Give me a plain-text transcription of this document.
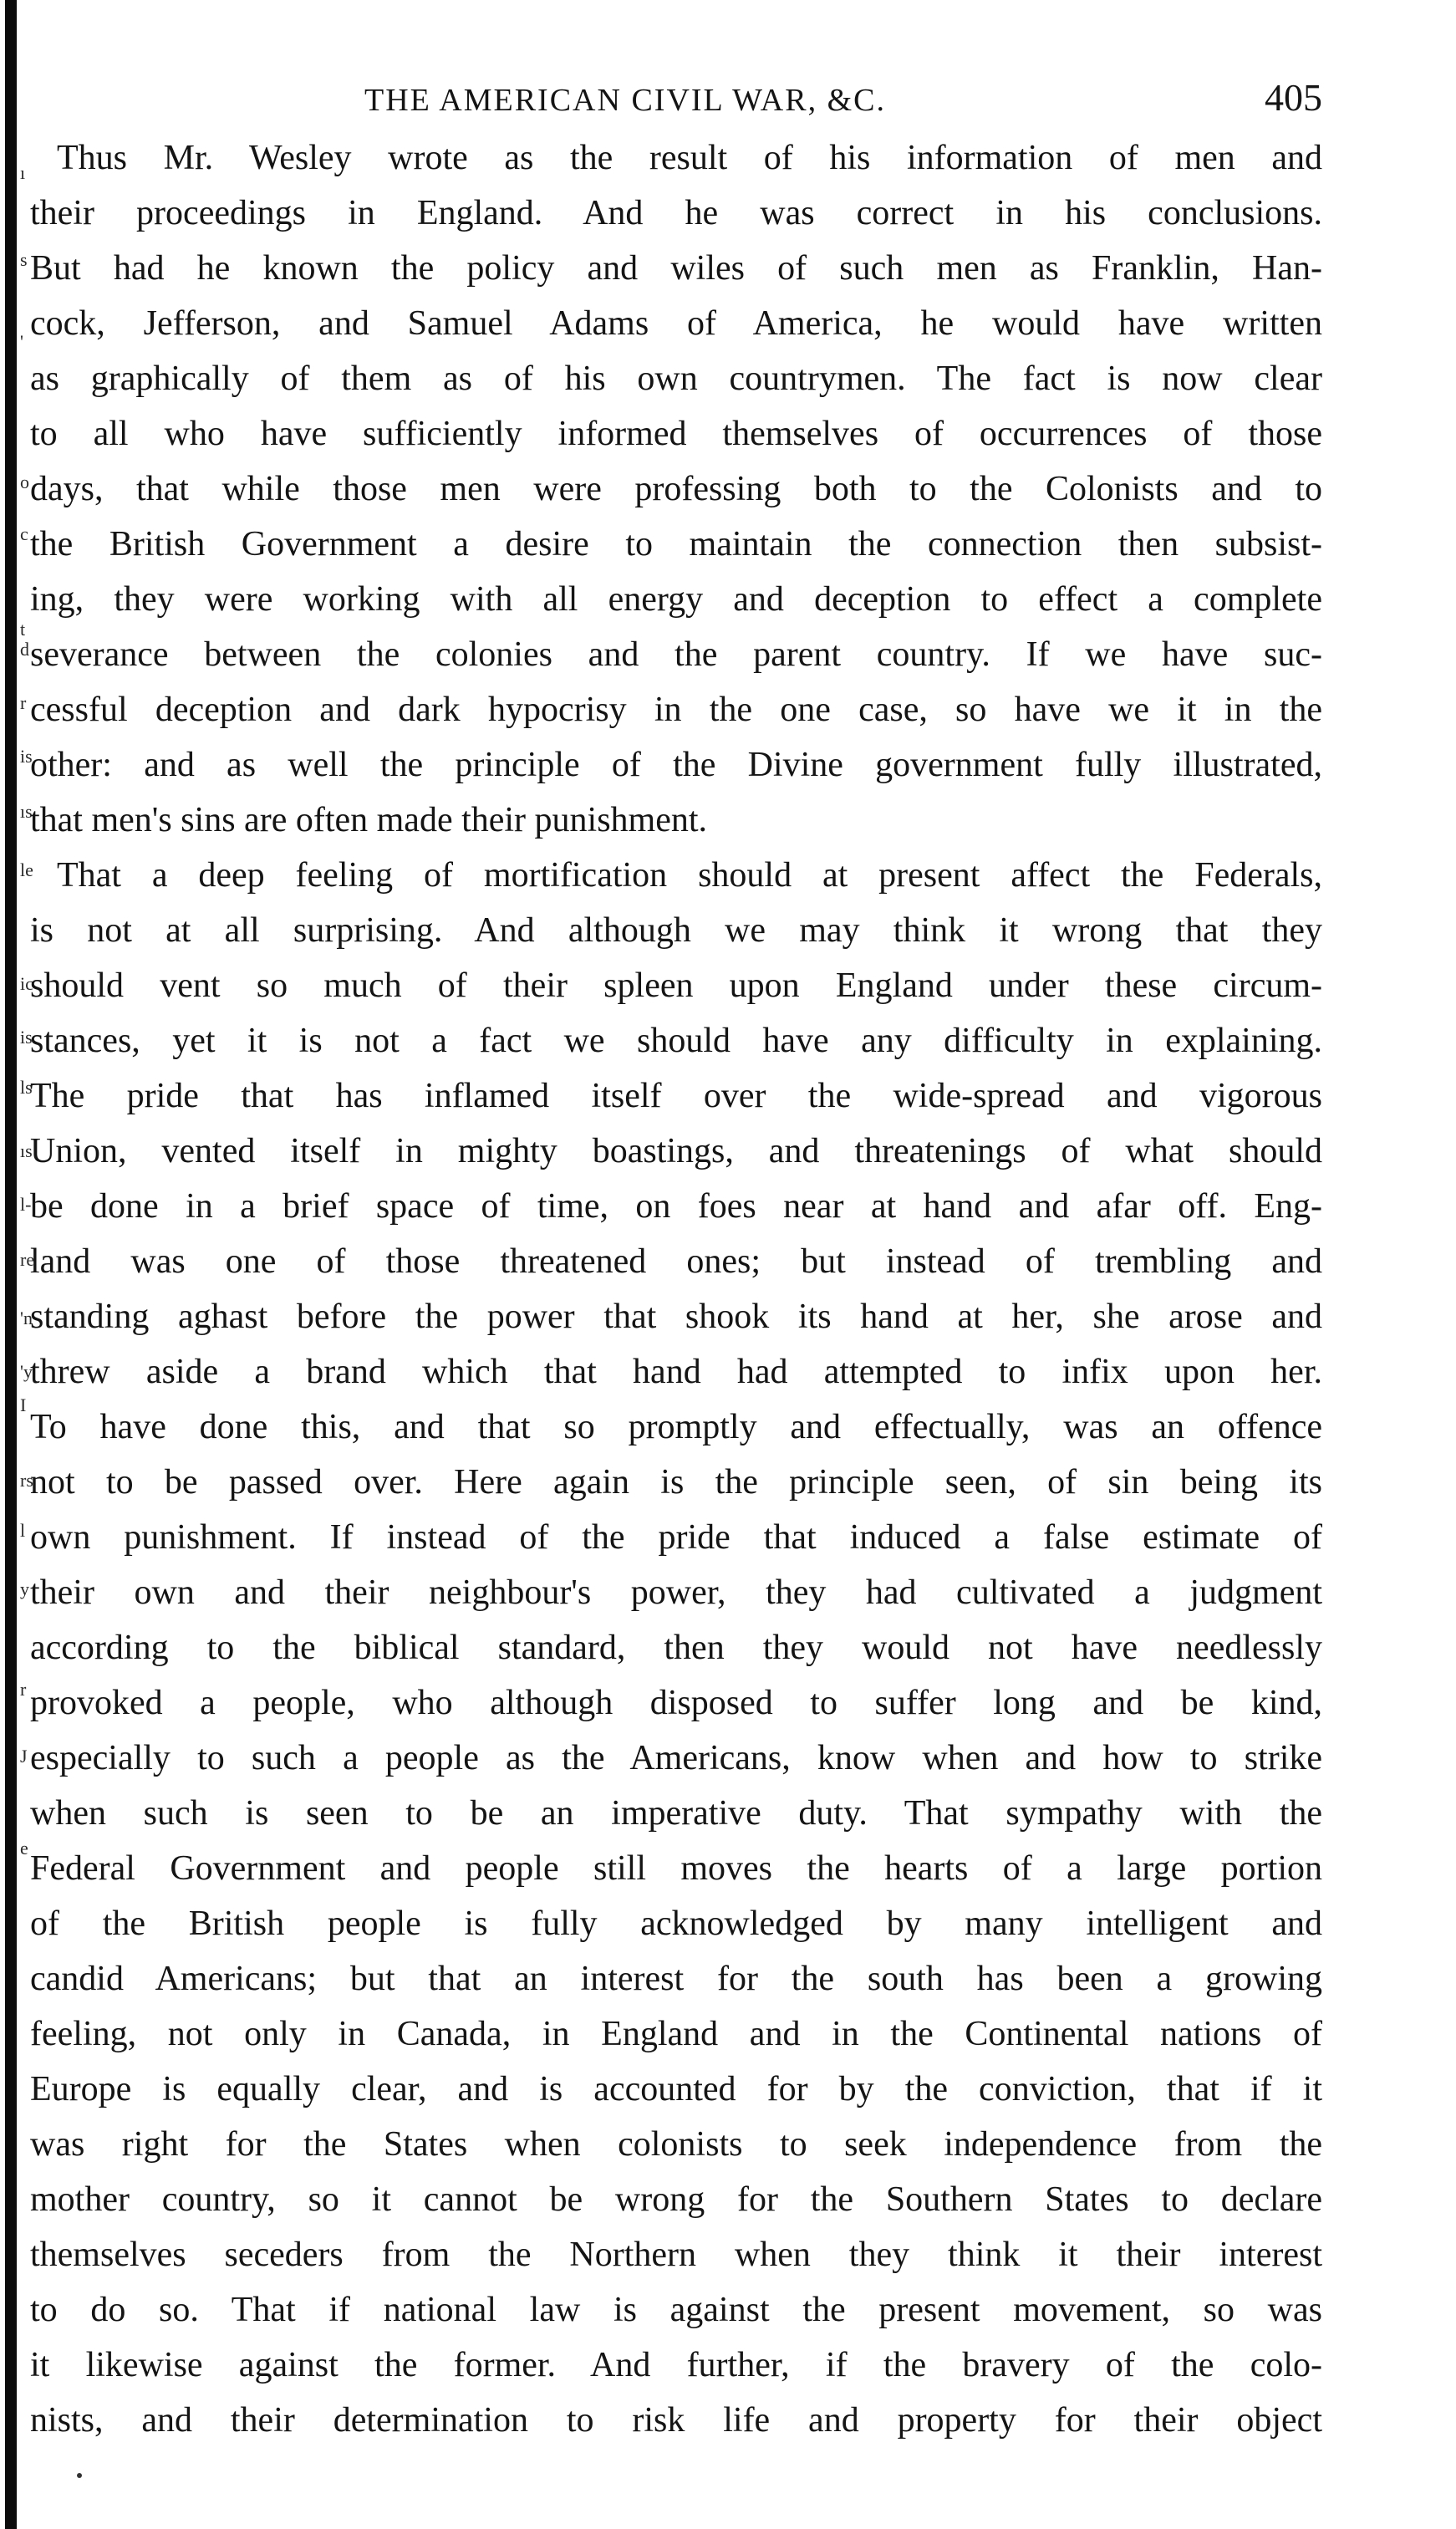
ı
s
'
o
c
t
d
r
is
ıs
le
ic
is
ls
ıs
l-
re
'n
'y
I
rs
l
y
r
J
e
THE AMERICAN CIVIL WAR, &C.	405
Thus Mr. Wesley wrote as the result of his information of men and
their proceedings in England. And he was correct in his conclusions.
But had he known the policy and wiles of such men as Franklin, Han-
cock, Jefferson, and Samuel Adams of America, he would have written
as graphically of them as of his own countrymen. The fact is now clear
to all who have sufficiently informed themselves of occurrences of those
days, that while those men were professing both to the Colonists and to
the British Government a desire to maintain the connection then subsist-
ing, they were working with all energy and deception to effect a complete
severance between the colonies and the parent country. If we have suc-
cessful deception and dark hypocrisy in the one case, so have we it in the
other: and as well the principle of the Divine government fully illustrated,
that men's sins are often made their punishment.
That a deep feeling of mortification should at present affect the Federals,
is not at all surprising. And although we may think it wrong that they
should vent so much of their spleen upon England under these circum-
stances, yet it is not a fact we should have any difficulty in explaining.
The pride that has inflamed itself over the wide-spread and vigorous
Union, vented itself in mighty boastings, and threatenings of what should
be done in a brief space of time, on foes near at hand and afar off. Eng-
land was one of those threatened ones; but instead of trembling and
standing aghast before the power that shook its hand at her, she arose and
threw aside a brand which that hand had attempted to infix upon her.
To have done this, and that so promptly and effectually, was an offence
not to be passed over. Here again is the principle seen, of sin being its
own punishment. If instead of the pride that induced a false estimate of
their own and their neighbour's power, they had cultivated a judgment
according to the biblical standard, then they would not have needlessly
provoked a people, who although disposed to suffer long and be kind,
especially to such a people as the Americans, know when and how to strike
when such is seen to be an imperative duty. That sympathy with the
Federal Government and people still moves the hearts of a large portion
of the British people is fully acknowledged by many intelligent and
candid Americans; but that an interest for the south has been a growing
feeling, not only in Canada, in England and in the Continental nations of
Europe is equally clear, and is accounted for by the conviction, that if it
was right for the States when colonists to seek independence from the
mother country, so it cannot be wrong for the Southern States to declare
themselves seceders from the Northern when they think it their interest
to do so. That if national law is against the present movement, so was
it likewise against the former. And further, if the bravery of the colo-
nists, and their determination to risk life and property for their object
